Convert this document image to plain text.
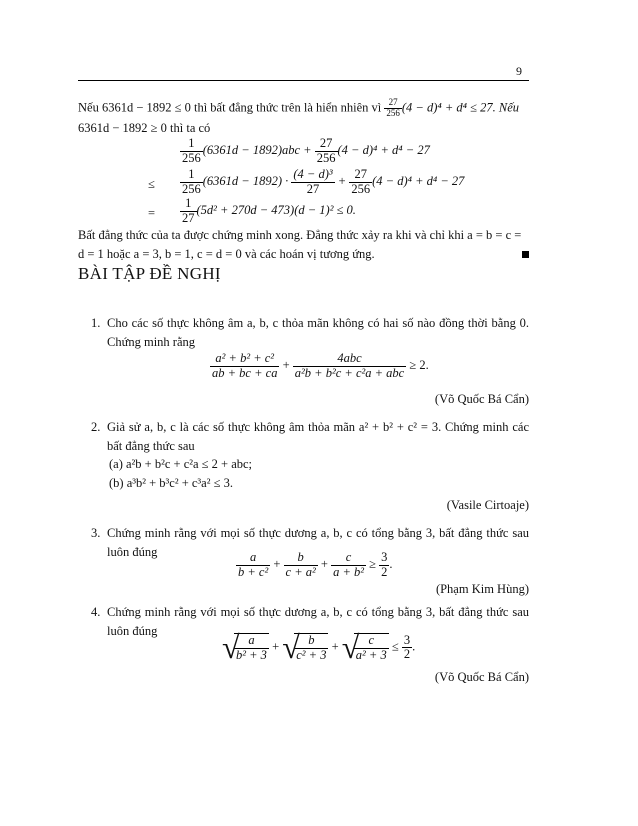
9
Nếu 6361d − 1892 ≤ 0 thì bất đẳng thức trên là hiển nhiên vì $\frac{27}{256} (4 - d)^4 + d^4 \le 27$. Nếu
6361d − 1892 ≥ 0 thì ta có
$\frac{1}{256} (6361d - 1892)abc + \frac{27}{256} (4 - d)^4 + d^4 - 27$
≤ $\frac{1}{256} (6361d - 1892) \cdot \frac{\text{(4 − d)³}}{27} + \frac{27}{256} (4 - d)^4 + d^4 - 27$
= $\frac{1}{27} (5d^2 + 270d - 473)(d - 1)^2 \le 0$.
Bất đẳng thức của ta được chứng minh xong. Đẳng thức xảy ra khi và chỉ khi a = b = c =
d = 1 hoặc a = 3, b = 1, c = d = 0 và các hoán vị tương ứng.
BÀI TẬP ĐỀ NGHỊ
1. Cho các số thực không âm a, b, c thỏa mãn không có hai số nào đồng thời bằng 0. Chứng minh rằng
$\frac{\text{a² + b² + c²}}{ab + bc + ca} + \frac{\text{4abc}}{\text{a²b + b²c + c²a + abc}} \ge 2$.
(Võ Quốc Bá Cẩn)
2. Giả sử a, b, c là các số thực không âm thỏa mãn a² + b² + c² = 3. Chứng minh các bất đẳng thức sau
(a) a²b + b²c + c²a ≤ 2 + abc;
(b) a³b² + b³c² + c³a² ≤ 3.
(Vasile Cirtoaje)
3. Chứng minh rằng với mọi số thực dương a, b, c có tổng bằng 3, bất đẳng thức sau luôn đúng	$\frac{a}{\text{b + c²}} + \frac{b}{\text{c + a²}} + \frac{c}{\text{a + b²}} \ge \frac{3}{2}$ .
(Phạm Kim Hùng)
4. Chứng minh rằng với mọi số thực dương a, b, c có tổng bằng 3, bất đẳng thức sau luôn đúng	√
$\frac{a}{\text{b² + 3}}$ + √
$\frac{b}{\text{c² + 3}}$ + √
$\frac{c}{\text{a² + 3}} \le \frac{3}{2}$ .
(Võ Quốc Bá Cẩn)
